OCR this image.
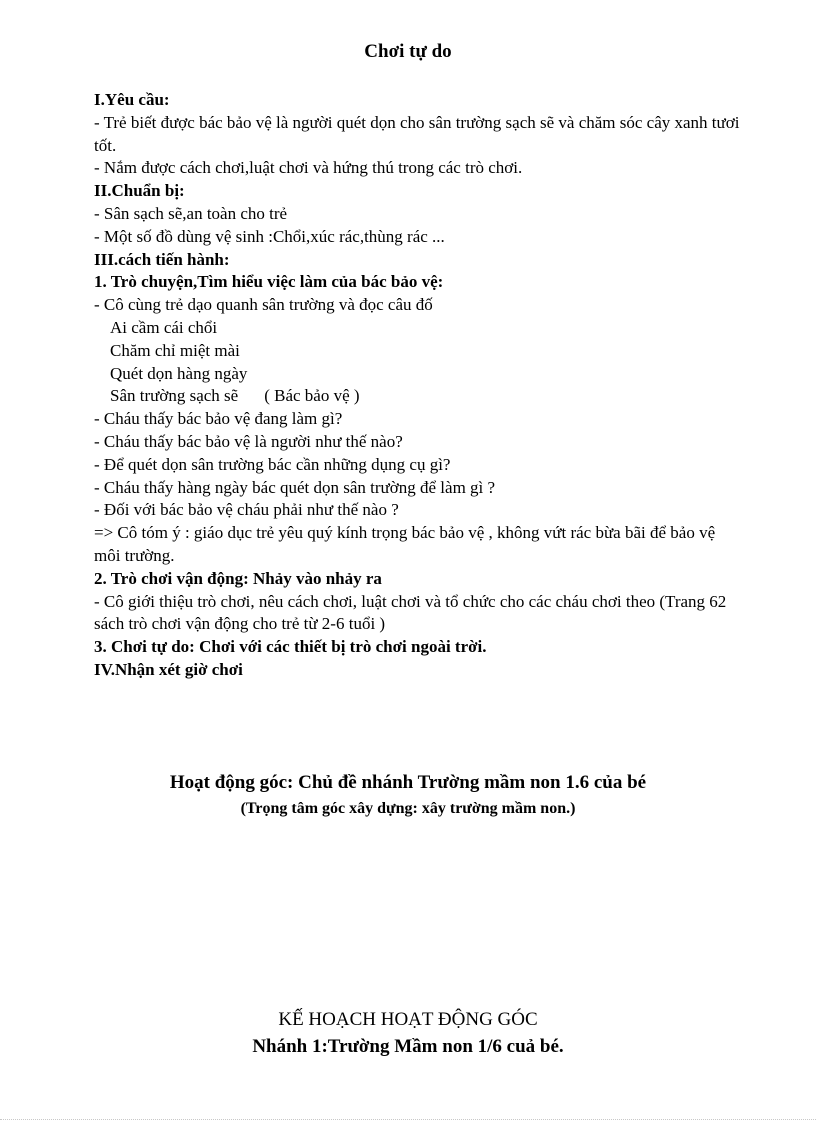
Chơi tự do
I.Yêu cầu:
- Trẻ biết được bác bảo vệ là người quét dọn cho sân trường sạch sẽ và chăm sóc cây xanh tươi tốt.
- Nắm được cách chơi,luật chơi và hứng thú trong các trò chơi.
II.Chuẩn bị:
- Sân sạch sẽ,an toàn cho trẻ
- Một số đồ dùng vệ sinh :Chổi,xúc rác,thùng rác ...
III.cách tiến hành:
1. Trò chuyện,Tìm hiểu việc làm của bác bảo vệ:
- Cô cùng trẻ dạo quanh sân trường và đọc câu đố
Ai cầm cái chổi
Chăm chỉ miệt mài
Quét dọn hàng ngày
Sân trường sạch sẽ ( Bác bảo vệ )
- Cháu thấy bác bảo vệ đang làm gì?
- Cháu thấy bác bảo vệ là người như thế nào?
- Để quét dọn sân trường bác cần những dụng cụ gì?
- Cháu thấy hàng ngày bác quét dọn sân trường để làm gì ?
- Đối với bác bảo vệ cháu phải như thế nào ?
=> Cô tóm ý : giáo dục trẻ yêu quý kính trọng bác bảo vệ , không vứt rác bừa bãi để bảo vệ môi trường.
2. Trò chơi vận động: Nhảy vào nhảy ra
- Cô giới thiệu trò chơi, nêu cách chơi, luật chơi và tổ chức cho các cháu chơi theo (Trang 62 sách trò chơi vận động cho trẻ từ 2-6 tuổi )
3. Chơi tự do: Chơi với các thiết bị trò chơi ngoài trời.
IV.Nhận xét giờ chơi
Hoạt động góc: Chủ đề nhánh Trường mầm non 1.6 của bé
(Trọng tâm góc xây dựng: xây trường mầm non.)
KẾ HOẠCH HOẠT ĐỘNG GÓC
Nhánh 1:Trường Mầm non 1/6 cuả bé.
